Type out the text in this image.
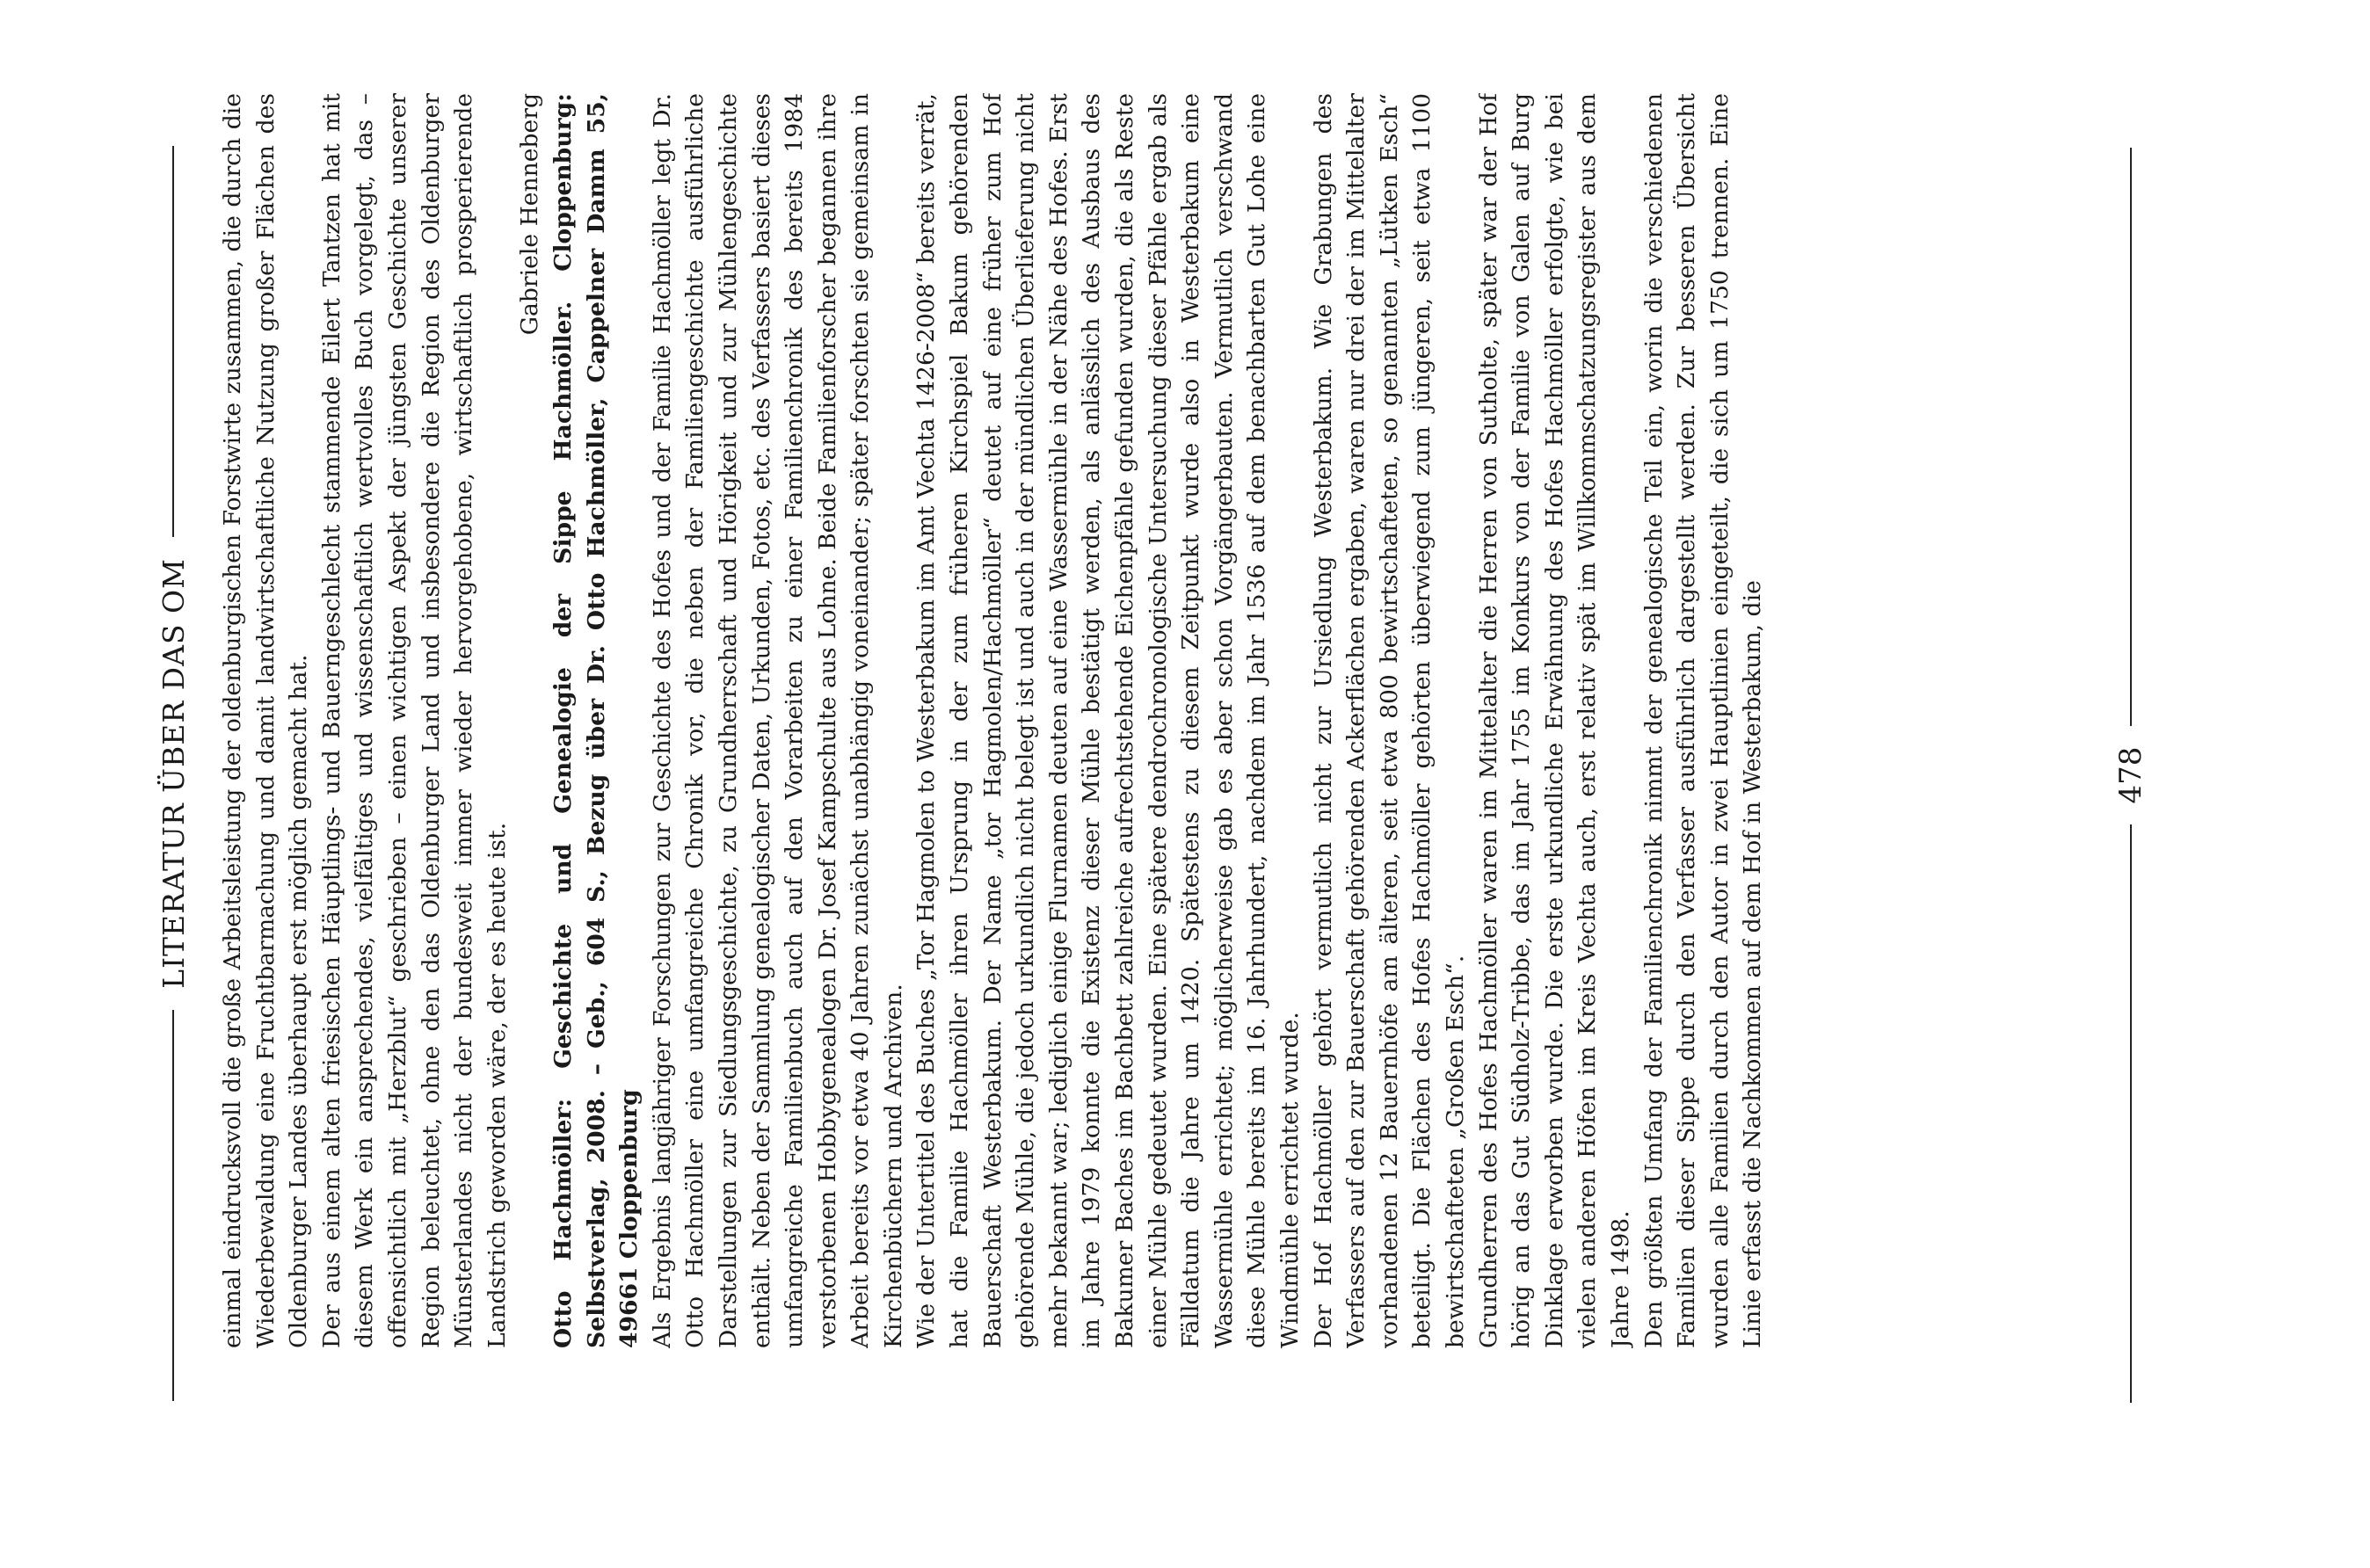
LITERATUR ÜBER DAS OM einmal eindrucksvoll die große Arbeitsleistung der oldenburgischen Forstwirte zusammen, die durch die Wiederbewaldung eine Fruchtbarmachung und damit landwirtschaftliche Nutzung großer Flächen des Oldenburger Landes überhaupt erst möglich gemacht hat. Der aus einem alten friesischen Häuptlings- und Bauerngeschlecht stammende Eilert Tantzen hat mit diesem Werk ein ansprechendes, vielfältiges und wissenschaftlich wertvolles Buch vorgelegt, das – offensichtlich mit „Herzblut“ geschrieben – einen wichtigen Aspekt der jüngsten Geschichte unserer Region beleuchtet, ohne den das Oldenburger Land und insbesondere die Region des Oldenburger Münsterlandes nicht der bundesweit immer wieder hervorgehobene, wirtschaftlich prosperierende Landstrich geworden wäre, der es heute ist.

Gabriele Henneberg Otto Hachmöller: Geschichte und Genealogie der Sippe Hachmöller. Cloppenburg: Selbstverlag, 2008. – Geb., 604 S., Bezug über Dr. Otto Hachmöller, Cappelner Damm 55, 49661 Cloppenburg Als Ergebnis langjähriger Forschungen zur Geschichte des Hofes und der Familie Hachmöller legt Dr. Otto Hachmöller eine umfangreiche Chronik vor, die neben der Familiengeschichte ausführliche Darstellungen zur Siedlungsgeschichte, zu Grundherrschaft und Hörigkeit und zur Mühlengeschichte enthält. Neben der Sammlung genealogischer Daten, Urkunden, Fotos, etc. des Verfassers basiert dieses umfangreiche Familienbuch auch auf den Vorarbeiten zu einer Familienchronik des bereits 1984 verstorbenen Hobbygenealogen Dr. Josef Kampschulte aus Lohne. Beide Familienforscher begannen ihre Arbeit bereits vor etwa 40 Jahren zunächst unabhängig voneinander; später forschten sie gemeinsam in Kirchenbüchern und Archiven. Wie der Untertitel des Buches „Tor Hagmolen to Westerbakum im Amt Vechta 1426-2008“ bereits verrät, hat die Familie Hachmöller ihren Ursprung in der zum früheren Kirchspiel Bakum gehörenden Bauerschaft Westerbakum. Der Name „tor Hagmolen/Hachmöller“ deutet auf eine früher zum Hof gehörende Mühle, die jedoch urkundlich nicht belegt ist und auch in der mündlichen Überlieferung nicht mehr bekannt war; lediglich einige Flurnamen deuten auf eine Wassermühle in der Nähe des Hofes. Erst im Jahre 1979 konnte die Existenz dieser Mühle bestätigt werden, als anlässlich des Ausbaus des Bakumer Baches im Bachbett zahlreiche aufrechtstehende Eichenpfähle gefunden wurden, die als Reste einer Mühle gedeutet wurden. Eine spätere dendrochronologische Untersuchung dieser Pfähle ergab als Fälldatum die Jahre um 1420. Spätestens zu diesem Zeitpunkt wurde also in Westerbakum eine Wassermühle errichtet; möglicherweise gab es aber schon Vorgängerbauten. Vermutlich verschwand diese Mühle bereits im 16. Jahrhundert, nachdem im Jahr 1536 auf dem benachbarten Gut Lohe eine Windmühle errichtet wurde. Der Hof Hachmöller gehört vermutlich nicht zur Ursiedlung Westerbakum. Wie Grabungen des Verfassers auf den zur Bauerschaft gehörenden Ackerflächen ergaben, waren nur drei der im Mittelalter vorhandenen 12 Bauernhöfe am älteren, seit etwa 800 bewirtschafteten, so genannten „Lütken Esch“ beteiligt. Die Flächen des Hofes Hachmöller gehörten überwiegend zum jüngeren, seit etwa 1100 bewirtschafteten „Großen Esch“. Grundherren des Hofes Hachmöller waren im Mittelalter die Herren von Sutholte, später war der Hof hörig an das Gut Südholz-Tribbe, das im Jahr 1755 im Konkurs von der Familie von Galen auf Burg Dinklage erworben wurde. Die erste urkundliche Erwähnung des Hofes Hachmöller erfolgte, wie bei vielen anderen Höfen im Kreis Vechta auch, erst relativ spät im Willkommschatzungsregister aus dem Jahre 1498. Den größten Umfang der Familienchronik nimmt der genealogische Teil ein, worin die verschiedenen Familien dieser Sippe durch den Verfasser ausführlich dargestellt werden. Zur besseren Übersicht wurden alle Familien durch den Autor in zwei Hauptlinien eingeteilt, die sich um 1750 trennen. Eine Linie erfasst die Nachkommen auf dem Hof in Westerbakum, die	478
